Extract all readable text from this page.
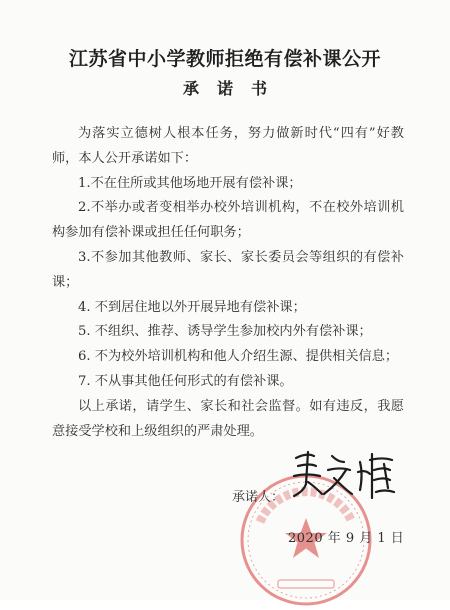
江苏省中小学教师拒绝有偿补课公开
承诺书

为落实立德树人根本任务，努力做新时代“四有”好教师，本人公开承诺如下：

1.不在住所或其他场地开展有偿补课；

2.不举办或者变相举办校外培训机构，不在校外培训机构参加有偿补课或担任任何职务；

3.不参加其他教师、家长、家长委员会等组织的有偿补课；

4. 不到居住地以外开展异地有偿补课；

5. 不组织、推荐、诱导学生参加校内外有偿补课；

6. 不为校外培训机构和他人介绍生源、提供相关信息；

7. 不从事其他任何形式的有偿补课。

以上承诺，请学生、家长和社会监督。如有违反，我愿意接受学校和上级组织的严肃处理。

承诺人：
2020 年 9 月 1 日
